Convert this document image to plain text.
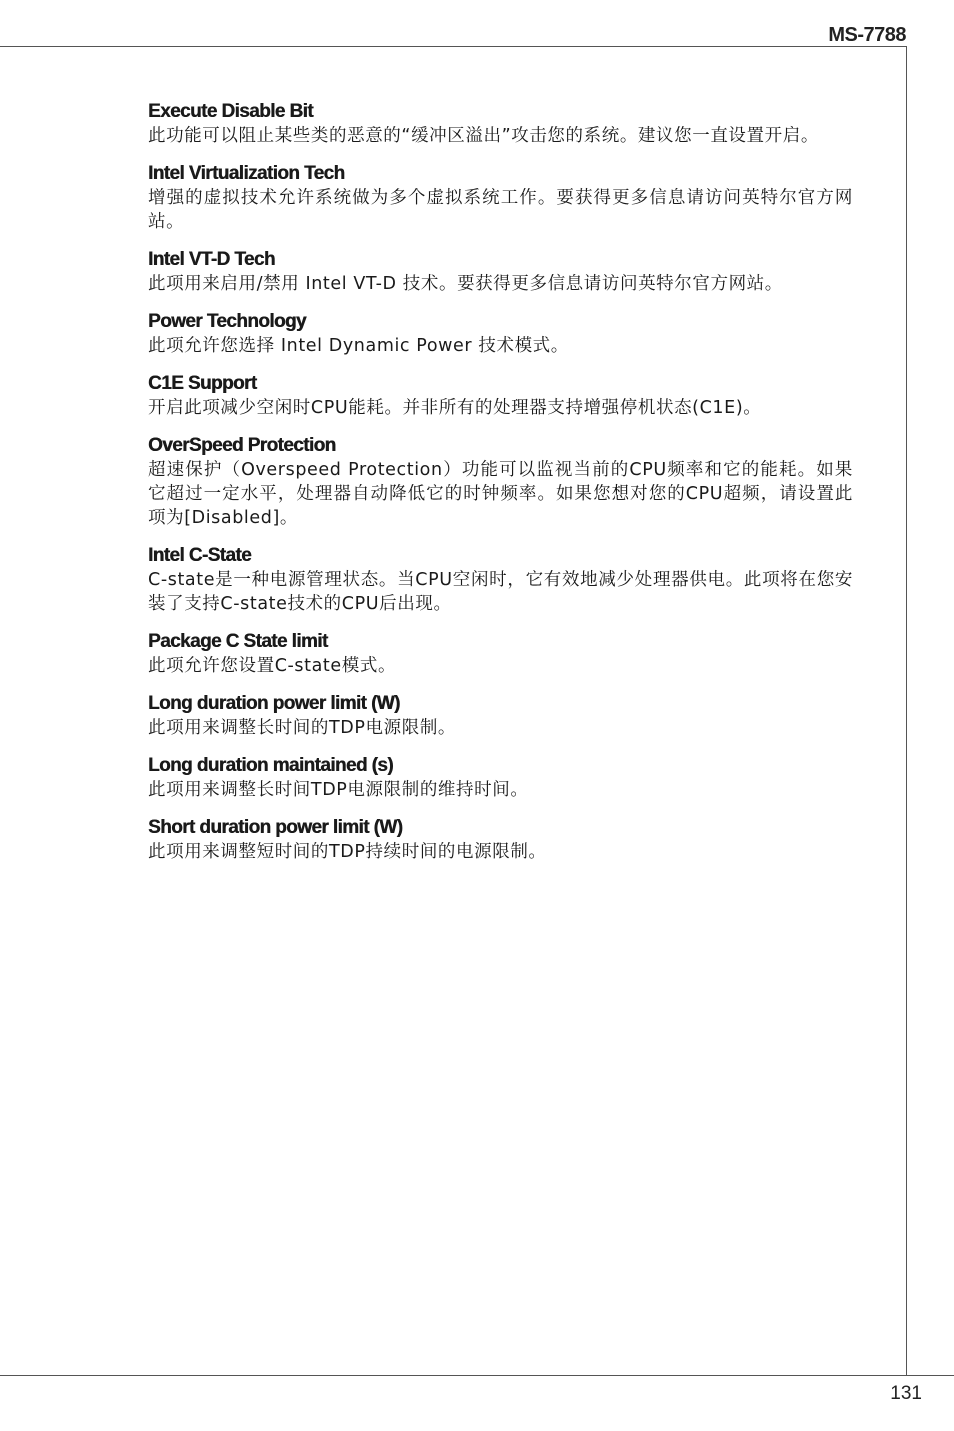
MS-7788
Execute Disable Bit
此功能可以阻止某些类的恶意的“缓冲区溢出”攻击您的系统。建议您一直设置开启。
Intel Virtualization Tech
增强的虚拟技术允许系统做为多个虚拟系统工作。要获得更多信息请访问英特尔官方网站。
Intel VT-D Tech
此项用来启用/禁用 Intel VT-D 技术。要获得更多信息请访问英特尔官方网站。
Power Technology
此项允许您选择 Intel Dynamic Power 技术模式。
C1E Support
开启此项减少空闲时CPU能耗。并非所有的处理器支持增强停机状态(C1E)。
OverSpeed Protection
超速保护（Overspeed Protection）功能可以监视当前的CPU频率和它的能耗。如果它超过一定水平，处理器自动降低它的时钟频率。如果您想对您的CPU超频，请设置此项为[Disabled]。
Intel C-State
C-state是一种电源管理状态。当CPU空闲时，它有效地减少处理器供电。此项将在您安装了支持C-state技术的CPU后出现。
Package C State limit
此项允许您设置C-state模式。
Long duration power limit (W)
此项用来调整长时间的TDP电源限制。
Long duration maintained (s)
此项用来调整长时间TDP电源限制的维持时间。
Short duration power limit (W)
此项用来调整短时间的TDP持续时间的电源限制。
131
